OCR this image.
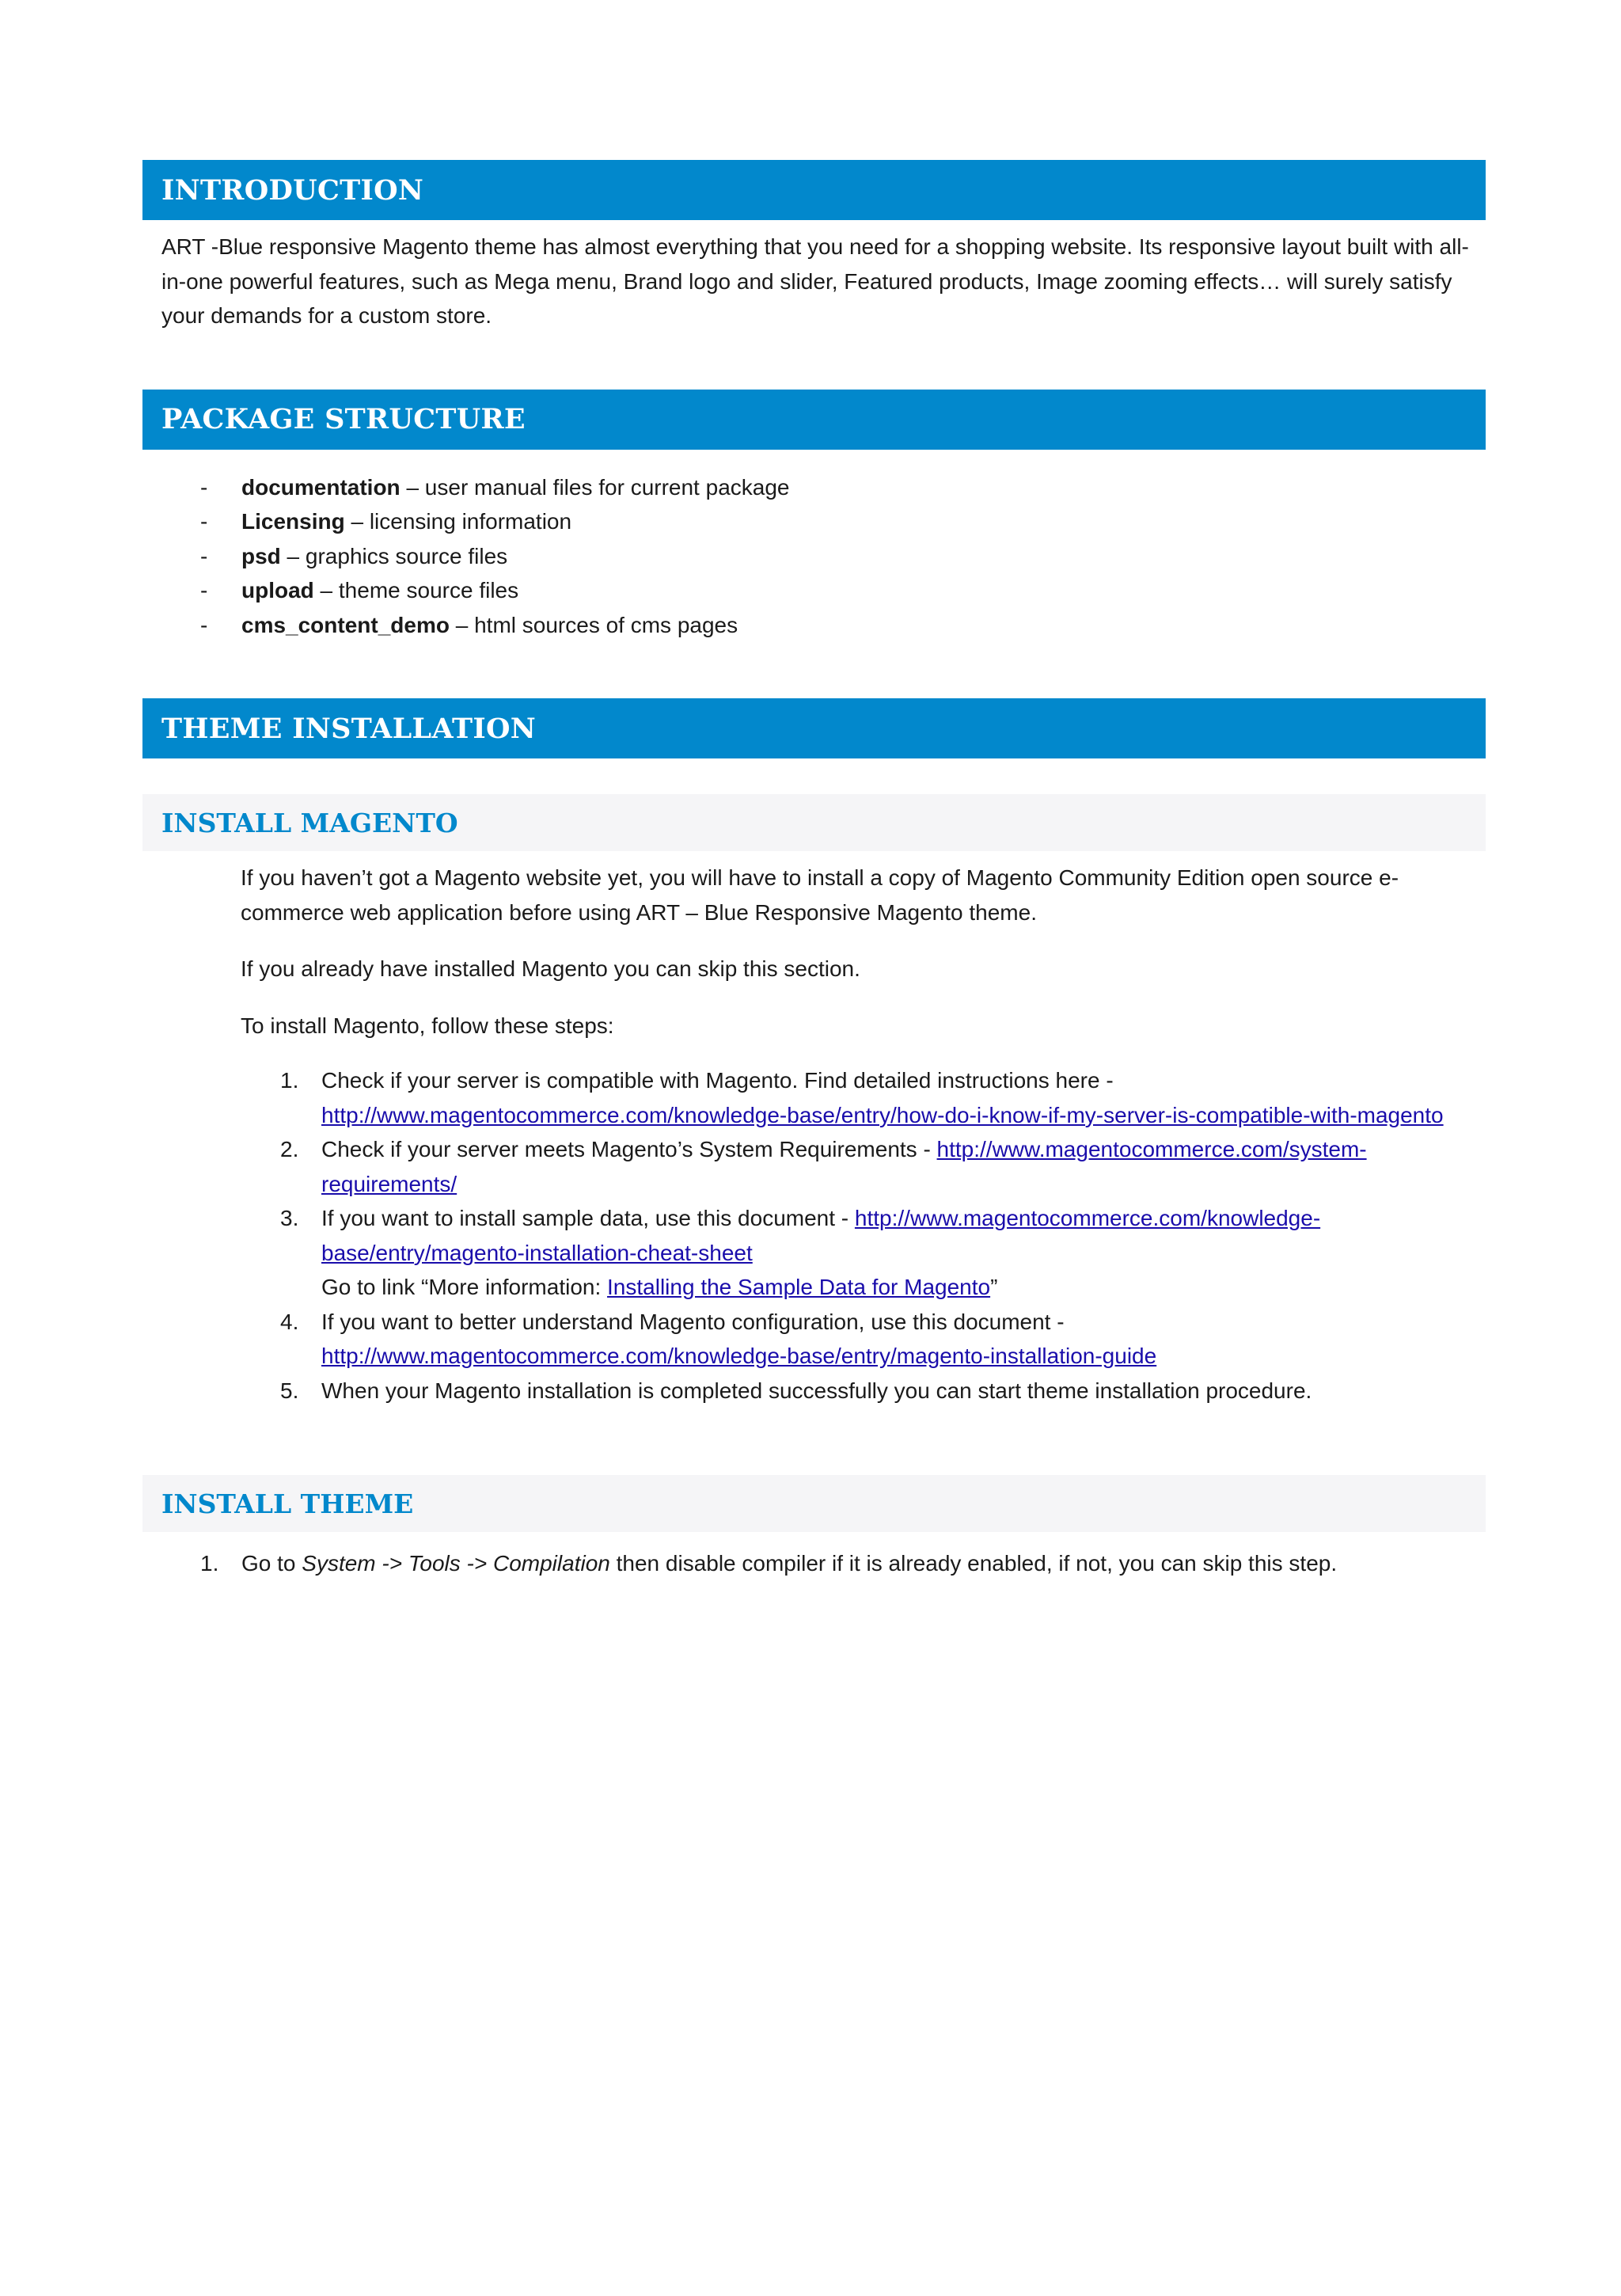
INTRODUCTION

ART -Blue responsive Magento theme has almost everything that you need for a shopping website. Its responsive layout built with all-in-one powerful features, such as Mega menu, Brand logo and slider, Featured products, Image zooming effects… will surely satisfy your demands for a custom store.

PACKAGE STRUCTURE
- documentation – user manual files for current package
- Licensing – licensing information
- psd – graphics source files
- upload – theme source files
- cms_content_demo – html sources of cms pages
THEME INSTALLATION
INSTALL MAGENTO

If you haven’t got a Magento website yet, you will have to install a copy of Magento Community Edition open source e-commerce web application before using ART – Blue Responsive Magento theme.

If you already have installed Magento you can skip this section.

To install Magento, follow these steps:

1. Check if your server is compatible with Magento. Find detailed instructions here -
http://www.magentocommerce.com/knowledge-base/entry/how-do-i-know-if-my-server-is-compatible-with-magento
2. Check if your server meets Magento’s System Requirements - http://www.magentocommerce.com/system-requirements/
3. If you want to install sample data, use this document - http://www.magentocommerce.com/knowledge-base/entry/magento-installation-cheat-sheet
Go to link “More information: Installing the Sample Data for Magento”
4. If you want to better understand Magento configuration, use this document -
http://www.magentocommerce.com/knowledge-base/entry/magento-installation-guide
5. When your Magento installation is completed successfully you can start theme installation procedure.
INSTALL THEME
1. Go to System -> Tools -> Compilation then disable compiler if it is already enabled, if not, you can skip this step.
